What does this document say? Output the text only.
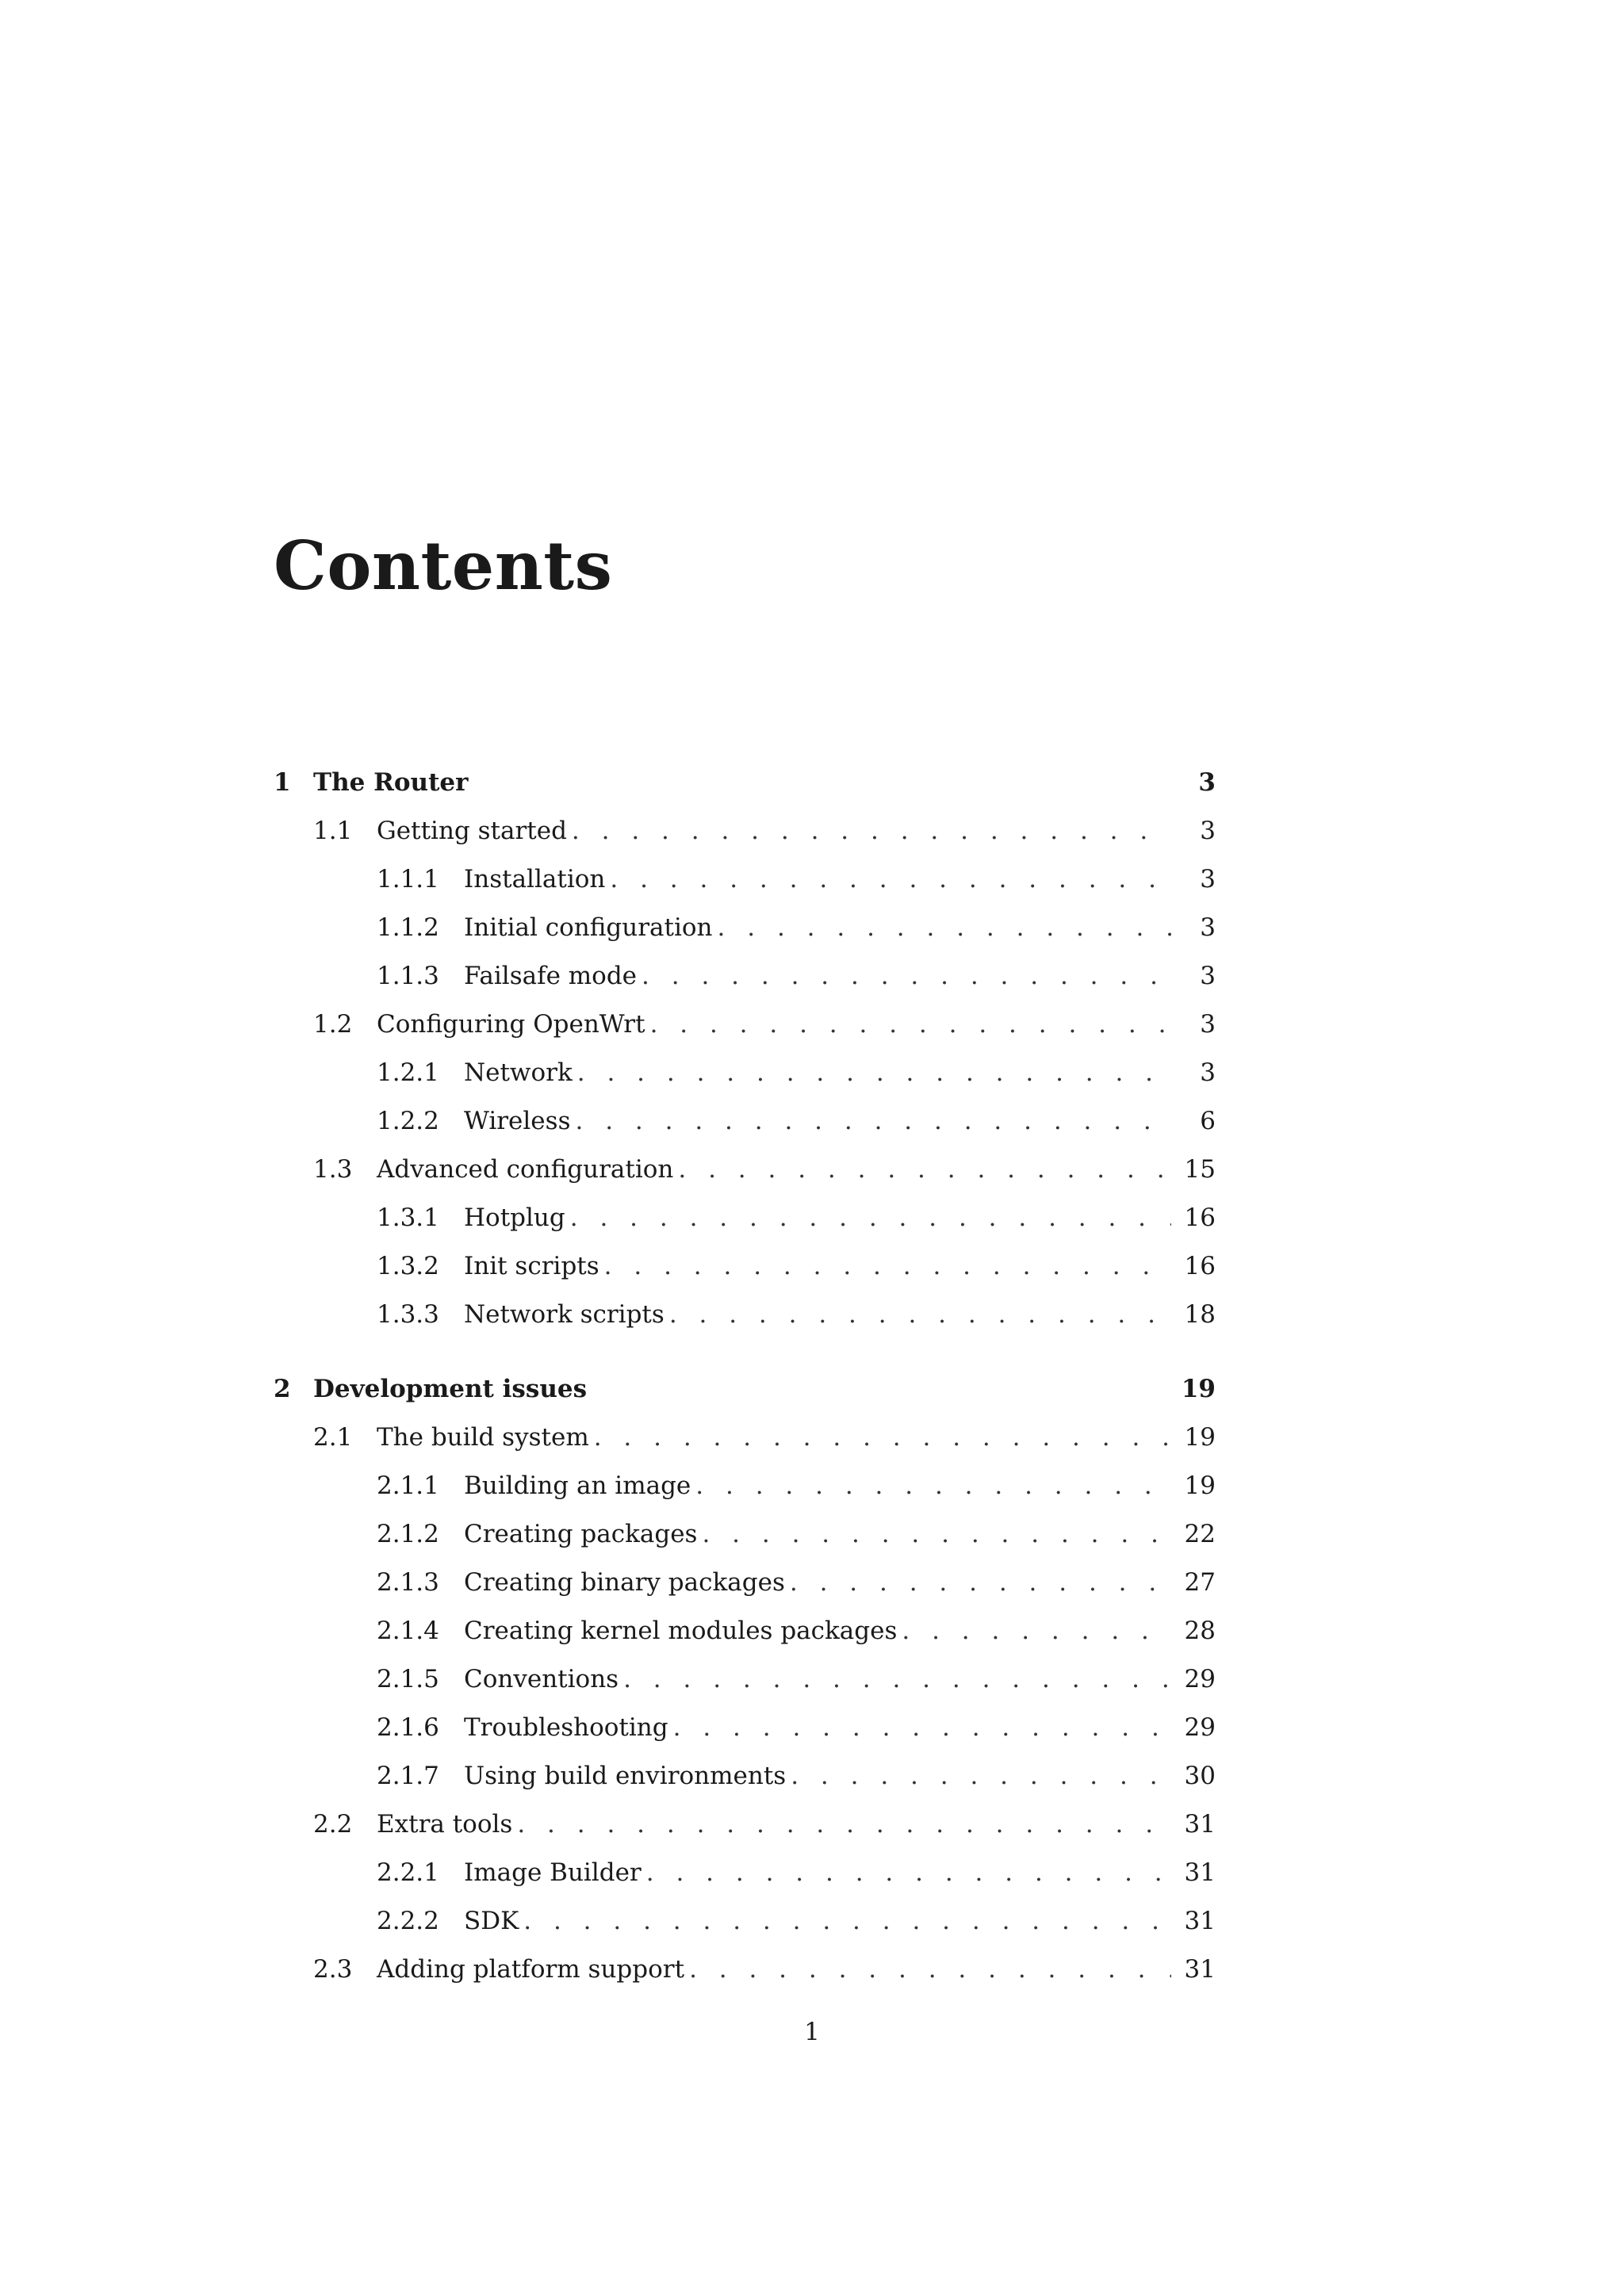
Contents
1 The Router	3
1.1 Getting started . . .	3
1.1.1	Installation . . .	3
1.1.2	Initial configuration . . .	3
1.1.3	Failsafe mode . . .	3
1.2 Configuring OpenWrt . . .	3
1.2.1	Network . . .	3
1.2.2	Wireless . . .	6
1.3 Advanced configuration . . .	15
1.3.1	Hotplug . . .	16
1.3.2	Init scripts . . .	16
1.3.3	Network scripts . . .	18
2 Development issues	19
2.1 The build system . . .	19
2.1.1	Building an image . . .	19
2.1.2	Creating packages . . .	22
2.1.3	Creating binary packages . . .	27
2.1.4	Creating kernel modules packages . . .	28
2.1.5	Conventions . . .	29
2.1.6	Troubleshooting . . .	29
2.1.7	Using build environments . . .	30
2.2 Extra tools . . .	31
2.2.1	Image Builder . . .	31
2.2.2	SDK . . .	31
2.3 Adding platform support . . .	31
1
